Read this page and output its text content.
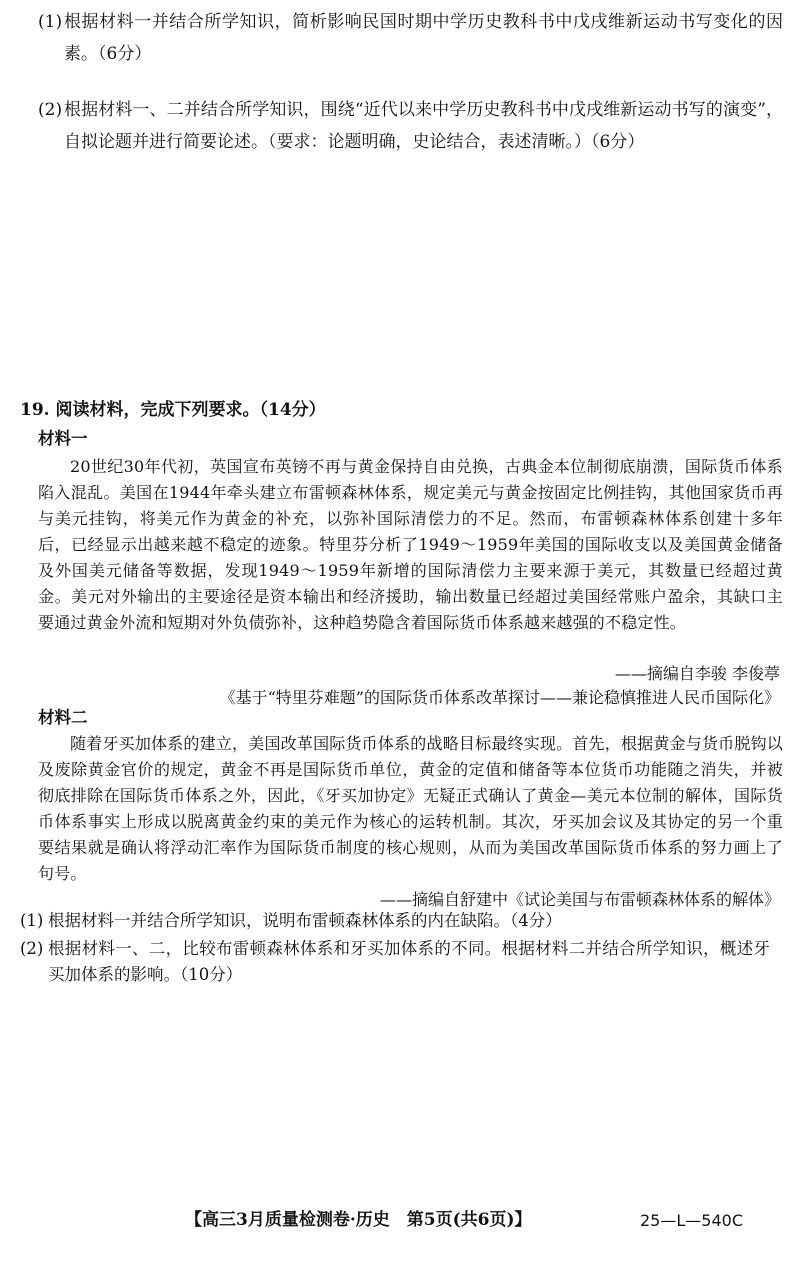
(1) 根据材料一并结合所学知识，简析影响民国时期中学历史教科书中戊戌维新运动书写变化的因素。（6分）
(2) 根据材料一、二并结合所学知识，围绕“近代以来中学历史教科书中戊戌维新运动书写的演变”，自拟论题并进行简要论述。（要求：论题明确，史论结合，表述清晰。）（6分）
19. 阅读材料，完成下列要求。（14分）
材料一
20世纪30年代初，英国宣布英镑不再与黄金保持自由兑换，古典金本位制彻底崩溃，国际货币体系陷入混乱。美国在1944年牵头建立布雷顿森林体系，规定美元与黄金按固定比例挂钩，其他国家货币再与美元挂钩，将美元作为黄金的补充，以弥补国际清偿力的不足。然而，布雷顿森林体系创建十多年后，已经显示出越来越不稳定的迹象。特里芬分析了1949～1959年美国的国际收支以及美国黄金储备及外国美元储备等数据，发现1949～1959年新增的国际清偿力主要来源于美元，其数量已经超过黄金。美元对外输出的主要途径是资本输出和经济援助，输出数量已经超过美国经常账户盈余，其缺口主要通过黄金外流和短期对外负债弥补，这种趋势隐含着国际货币体系越来越强的不稳定性。
——摘编自李骏 李俊葶
《基于“特里芬难题”的国际货币体系改革探讨——兼论稳慎推进人民币国际化》
材料二
随着牙买加体系的建立，美国改革国际货币体系的战略目标最终实现。首先，根据黄金与货币脱钩以及废除黄金官价的规定，黄金不再是国际货币单位，黄金的定值和储备等本位货币功能随之消失，并被彻底排除在国际货币体系之外，因此，《牙买加协定》无疑正式确认了黄金—美元本位制的解体，国际货币体系事实上形成以脱离黄金约束的美元作为核心的运转机制。其次，牙买加会议及其协定的另一个重要结果就是确认将浮动汇率作为国际货币制度的核心规则，从而为美国改革国际货币体系的努力画上了句号。
——摘编自舒建中《试论美国与布雷顿森林体系的解体》
(1) 根据材料一并结合所学知识，说明布雷顿森林体系的内在缺陷。（4分）
(2) 根据材料一、二，比较布雷顿森林体系和牙买加体系的不同。根据材料二并结合所学知识，概述牙买加体系的影响。（10分）
【高三3月质量检测卷·历史　第5页(共6页)】	25—L—540C
